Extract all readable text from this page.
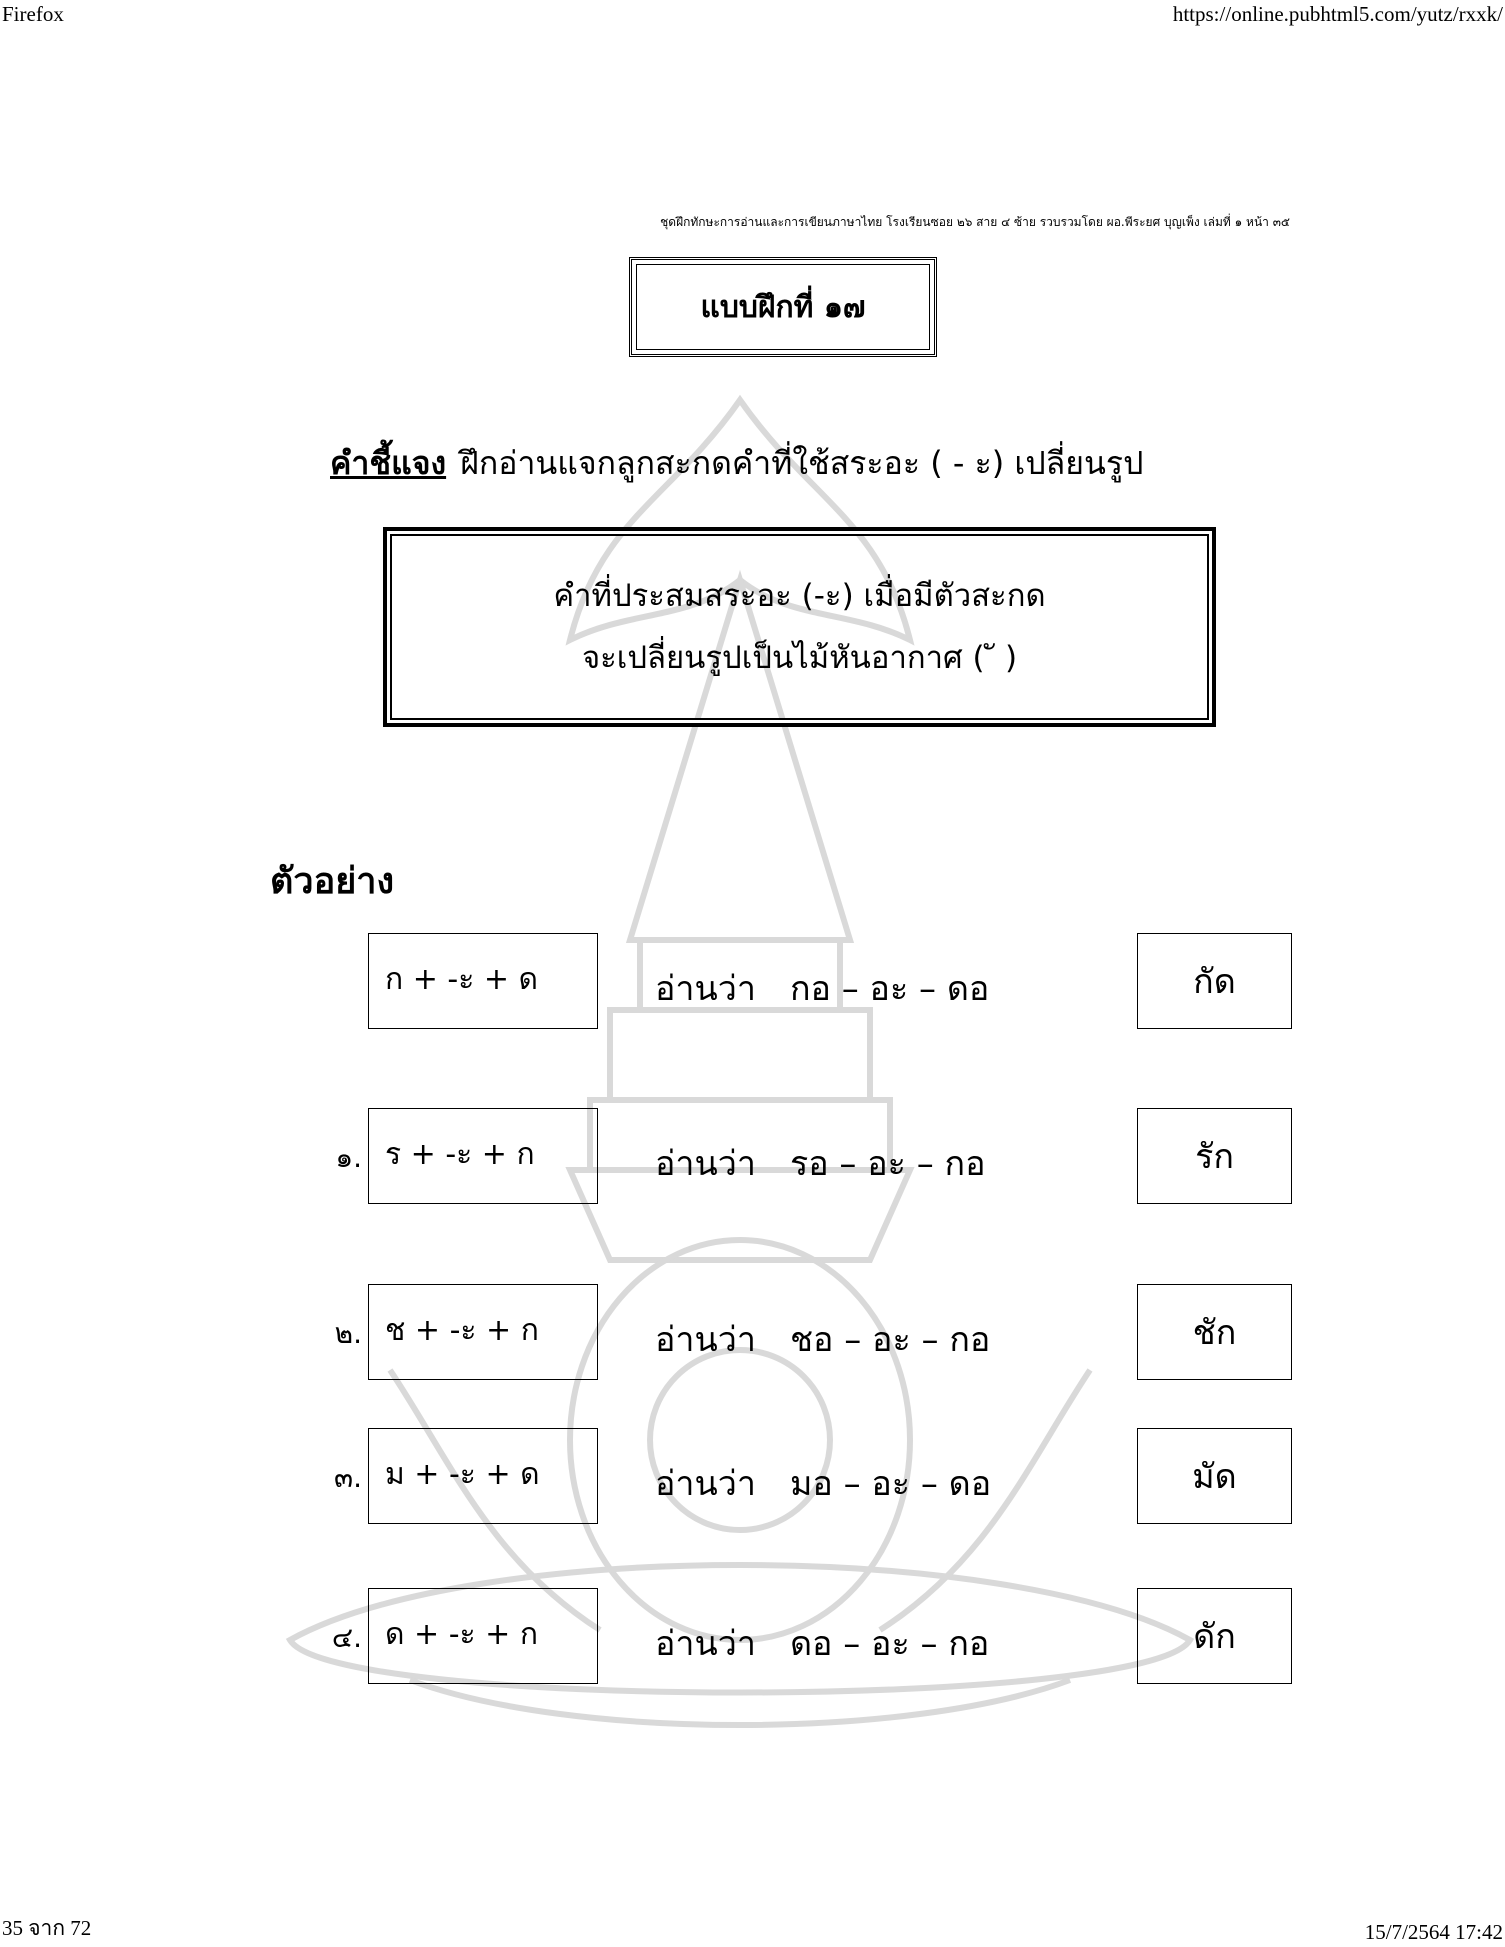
Firefox	https://online.pubhtml5.com/yutz/rxxk/
35 จาก 72	15/7/2564 17:42
ชุดฝึกทักษะการอ่านและการเขียนภาษาไทย โรงเรียนซอย ๒๖ สาย ๔ ซ้าย รวบรวมโดย ผอ.พีระยศ บุญเพ็ง เล่มที่ ๑ หน้า ๓๕
แบบฝึกที่ ๑๗
คำชี้แจง ฝึกอ่านแจกลูกสะกดคำที่ใช้สระอะ ( - ะ) เปลี่ยนรูป
คำที่ประสมสระอะ (-ะ) เมื่อมีตัวสะกด
จะเปลี่ยนรูปเป็นไม้หันอากาศ ( ั )
ตัวอย่าง
ก + -ะ + ด	อ่านว่า กอ – อะ – ดอ	กัด
๑. ร + -ะ + ก	อ่านว่า รอ – อะ – กอ	รัก
๒. ช + -ะ + ก	อ่านว่า ชอ – อะ – กอ	ชัก
๓. ม + -ะ + ด	อ่านว่า มอ – อะ – ดอ	มัด
๔. ด + -ะ + ก	อ่านว่า ดอ – อะ – กอ	ดัก
